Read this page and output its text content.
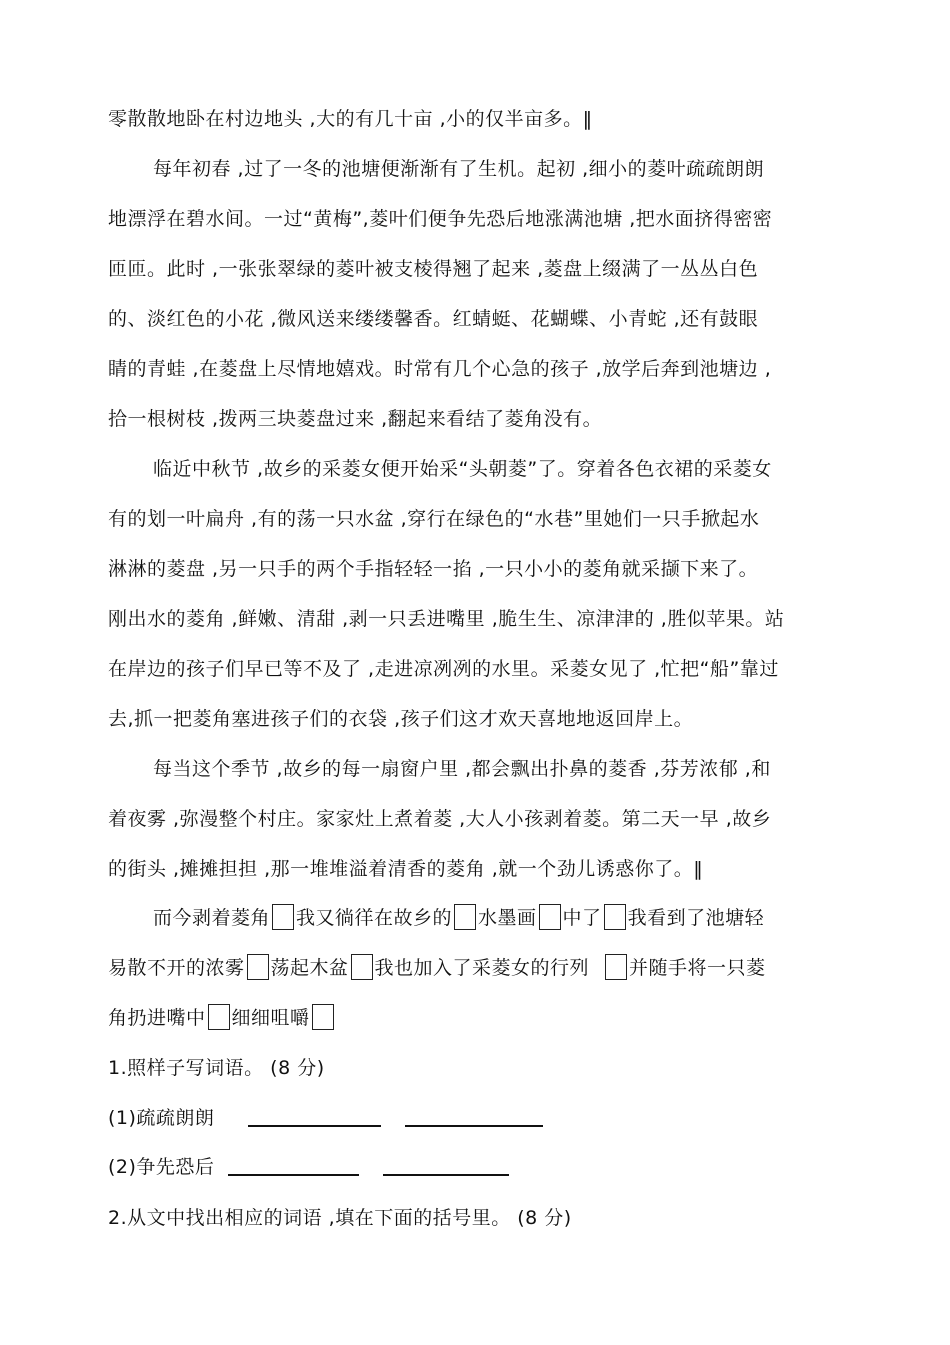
零散散地卧在村边地头 ,大的有几十亩 ,小的仅半亩多。‖
每年初春 ,过了一冬的池塘便渐渐有了生机。起初 ,细小的菱叶疏疏朗朗
地漂浮在碧水间。一过“黄梅”,菱叶们便争先恐后地涨满池塘 ,把水面挤得密密
匝匝。此时 ,一张张翠绿的菱叶被支棱得翘了起来 ,菱盘上缀满了一丛丛白色
的、淡红色的小花 ,微风送来缕缕馨香。红蜻蜓、花蝴蝶、小青蛇 ,还有鼓眼
睛的青蛙 ,在菱盘上尽情地嬉戏。时常有几个心急的孩子 ,放学后奔到池塘边 ,
拾一根树枝 ,拨两三块菱盘过来 ,翻起来看结了菱角没有。
临近中秋节 ,故乡的采菱女便开始采“头朝菱”了。穿着各色衣裙的采菱女
有的划一叶扁舟 ,有的荡一只水盆 ,穿行在绿色的“水巷”里她们一只手掀起水
淋淋的菱盘 ,另一只手的两个手指轻轻一掐 ,一只小小的菱角就采撷下来了。
刚出水的菱角 ,鲜嫩、清甜 ,剥一只丢进嘴里 ,脆生生、凉津津的 ,胜似苹果。站
在岸边的孩子们早已等不及了 ,走进凉冽冽的水里。采菱女见了 ,忙把“船”靠过
去,抓一把菱角塞进孩子们的衣袋 ,孩子们这才欢天喜地地返回岸上。
每当这个季节 ,故乡的每一扇窗户里 ,都会飘出扑鼻的菱香 ,芬芳浓郁 ,和
着夜雾 ,弥漫整个村庄。家家灶上煮着菱 ,大人小孩剥着菱。第二天一早 ,故乡
的街头 ,摊摊担担 ,那一堆堆溢着清香的菱角 ,就一个劲儿诱惑你了。‖
而今剥着菱角 我又徜徉在故乡的 水墨画 中了 我看到了池塘轻
易散不开的浓雾 荡起木盆 我也加入了采菱女的行列 并随手将一只菱
角扔进嘴中 细细咀嚼
1.照样子写词语。 (8 分)
(1)疏疏朗朗
(2)争先恐后
2.从文中找出相应的词语 ,填在下面的括号里。 (8 分)
